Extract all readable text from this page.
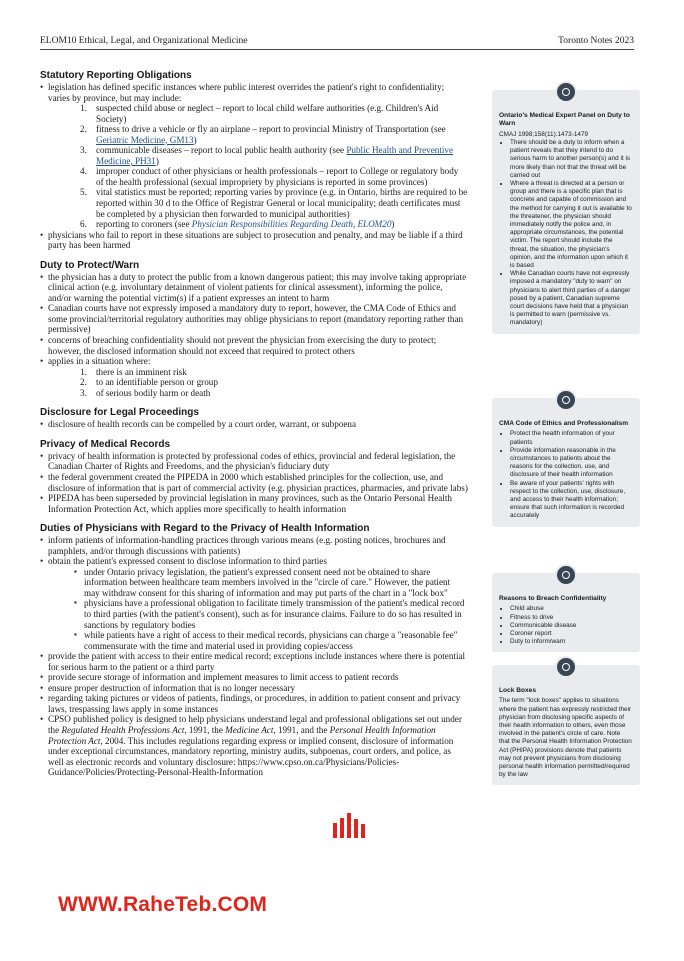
ELOM10 Ethical, Legal, and Organizational Medicine	Toronto Notes 2023

Statutory Reporting Obligations

• legislation has defined specific instances where public interest overrides the patient's right to confidentiality; varies by province, but may include:

1. suspected child abuse or neglect – report to local child welfare authorities (e.g. Children's Aid Society)

2. fitness to drive a vehicle or fly an airplane – report to provincial Ministry of Transportation (see Geriatric Medicine, GM13)

3. communicable diseases – report to local public health authority (see Public Health and Preventive Medicine, PH31)

4. improper conduct of other physicians or health professionals – report to College or regulatory body of the health professional (sexual impropriety by physicians is reported in some provinces)

5. vital statistics must be reported; reporting varies by province (e.g. in Ontario, births are required to be reported within 30 d to the Office of Registrar General or local municipality; death certificates must be completed by a physician then forwarded to municipal authorities)

6. reporting to coroners (see Physician Responsibilities Regarding Death, ELOM20)

• physicians who fail to report in these situations are subject to prosecution and penalty, and may be liable if a third party has been harmed

Duty to Protect/Warn

• the physician has a duty to protect the public from a known dangerous patient; this may involve taking appropriate clinical action (e.g. involuntary detainment of violent patients for clinical assessment), informing the police, and/or warning the potential victim(s) if a patient expresses an intent to harm

• Canadian courts have not expressly imposed a mandatory duty to report, however, the CMA Code of Ethics and some provincial/territorial regulatory authorities may oblige physicians to report (mandatory reporting rather than permissive)

• concerns of breaching confidentiality should not prevent the physician from exercising the duty to protect; however, the disclosed information should not exceed that required to protect others

• applies in a situation where:

1. there is an imminent risk

2. to an identifiable person or group

3. of serious bodily harm or death

Disclosure for Legal Proceedings

• disclosure of health records can be compelled by a court order, warrant, or subpoena

Privacy of Medical Records

• privacy of health information is protected by professional codes of ethics, provincial and federal legislation, the Canadian Charter of Rights and Freedoms, and the physician's fiduciary duty

• the federal government created the PIPEDA in 2000 which established principles for the collection, use, and disclosure of information that is part of commercial activity (e.g. physician practices, pharmacies, and private labs)

• PIPEDA has been superseded by provincial legislation in many provinces, such as the Ontario Personal Health Information Protection Act, which applies more specifically to health information

Duties of Physicians with Regard to the Privacy of Health Information

• inform patients of information-handling practices through various means (e.g. posting notices, brochures and pamphlets, and/or through discussions with patients)

• obtain the patient's expressed consent to disclose information to third parties

▪ under Ontario privacy legislation, the patient's expressed consent need not be obtained to share information between healthcare team members involved in the "circle of care." However, the patient may withdraw consent for this sharing of information and may put parts of the chart in a "lock box"

▪ physicians have a professional obligation to facilitate timely transmission of the patient's medical record to third parties (with the patient's consent), such as for insurance claims. Failure to do so has resulted in sanctions by regulatory bodies

▪ while patients have a right of access to their medical records, physicians can charge a "reasonable fee" commensurate with the time and material used in providing copies/access

• provide the patient with access to their entire medical record; exceptions include instances where there is potential for serious harm to the patient or a third party

• provide secure storage of information and implement measures to limit access to patient records

• ensure proper destruction of information that is no longer necessary

• regarding taking pictures or videos of patients, findings, or procedures, in addition to patient consent and privacy laws, trespassing laws apply in some instances

• CPSO published policy is designed to help physicians understand legal and professional obligations set out under the Regulated Health Professions Act, 1991, the Medicine Act, 1991, and the Personal Health Information Protection Act, 2004. This includes regulations regarding express or implied consent, disclosure of information under exceptional circumstances, mandatory reporting, ministry audits, subpoenas, court orders, and police, as well as electronic records and voluntary disclosure: https://www.cpso.on.ca/Physicians/Policies-Guidance/Policies/Protecting-Personal-Health-Information

Ontario's Medical Expert Panel on Duty to Warn

CMAJ 1998;158(11):1473-1479

• There should be a duty to inform when a patient reveals that they intend to do serious harm to another person(s) and it is more likely than not that the threat will be carried out
• Where a threat is directed at a person or group and there is a specific plan that is concrete and capable of commission and the method for carrying it out is available to the threatener, the physician should immediately notify the police and, in appropriate circumstances, the potential victim. The report should include the threat, the situation, the physician's opinion, and the information upon which it is based
• While Canadian courts have not expressly imposed a mandatory "duty to warn" on physicians to alert third parties of a danger posed by a patient, Canadian supreme court decisions have held that a physician is permitted to warn (permissive vs. mandatory)

CMA Code of Ethics and Professionalism

• Protect the health information of your patients
• Provide information reasonable in the circumstances to patients about the reasons for the collection, use, and disclosure of their health information
• Be aware of your patients' rights with respect to the collection, use, disclosure, and access to their health information; ensure that such information is recorded accurately

Reasons to Breach Confidentiality

• Child abuse
• Fitness to drive
• Communicable disease
• Coroner report
• Duty to inform/warn

Lock Boxes

The term "lock boxes" applies to situations where the patient has expressly restricted their physician from disclosing specific aspects of their health information to others, even those involved in the patient's circle of care. Note that the Personal Health Information Protection Act (PHIPA) provisions denote that patients may not prevent physicians from disclosing personal health information permitted/required by the law

WWW.RaheTeb.COM
